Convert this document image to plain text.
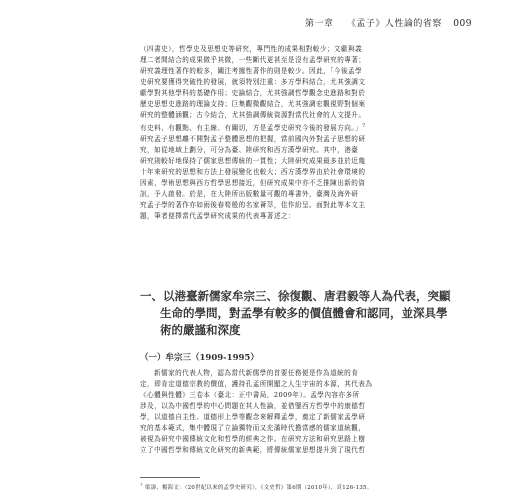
第一章 《孟子》人性論的省察 009
（四書史），哲學史及思想史等研究，專門性的成果相對較少；文獻與義
理二者間結合的成果微乎其微，一些斷代更甚至是沒有孟學研究的專著；
研究義理性著作的較多，關注考據性著作的則是較少。因此，「今後孟學
史研究要獲得突破性的發展，就須特別注重：多方學科結合，尤其強調文
獻學對其他學科的基礎作用；史論結合，尤其強調哲學觀念史進路和對於
歷史思想史進路的理論支持；巨集觀微觀結合，尤其強調宏觀視野對個案
研究的整體涵觀；古今結合，尤其強調傳統資源對當代社會的人文提升。
有史料、有觀點、有主線、有關切，方是孟學史研究今後的發展方向。」$^7$
研究孟子思想離不開對孟子整體思想的把握，當前國內外對孟子思想的研
究，如從地域上劃分，可分為臺、陸研究和西方漢學研究。其中，港臺
研究則較好地保持了儒家思想傳統的一貫性；大陸研究成果最多並於近幾
十年來研究的思想和方法上發展變化也較大；西方漢學界由於社會環境的
因素，學術思想與西方哲學思想接近，但研究成果中亦不乏推陳出新的資
訊，予人啟發。於是，在大陸所出版數量可觀的專書外，臺灣及海外研
究孟子學的著作亦如雨後春筍般的名家薈萃，佳作紛呈。面對此等本文主
題，筆者便擇當代孟學研究成果的代表專著述之：
一、以港臺新儒家牟宗三、徐復觀、唐君毅等人為代表，突顯
生命的學問，對孟學有較多的價值體會和認同，並深具學
術的嚴謹和深度
（一）牟宗三（1909-1995）
新儒家的代表人物，認為當代新儒學的首要任務便是作為道統的肯
定，即肯定道德宗教的價值，護持孔孟所開顯之人生宇宙的本源，其代表為
《心體與性體》三卷本（臺北：正中書局，2009年）。孟學內容亦多所
涉及，以為中國哲學的中心問題在其人性論，並借鑒西方哲學中的康德哲
學，以道德自主性、道德形上學等觀念來解釋孟學，奠定了新儒家孟學研
究的基本範式，集中體現了立論獨特而又充滿時代擔當感的儒家道統觀，
被視為研究中國傳統文化和哲學的經典之作。在研究方法和研究思路上樹
立了中國哲學和傳統文化研究的新典範，將傳統儒家思想提升到了現代哲
$^7$ 梁濤、楊海文：〈20世紀以來的孟學史研究〉，《文史哲》第6期（2010年），頁126-135。
